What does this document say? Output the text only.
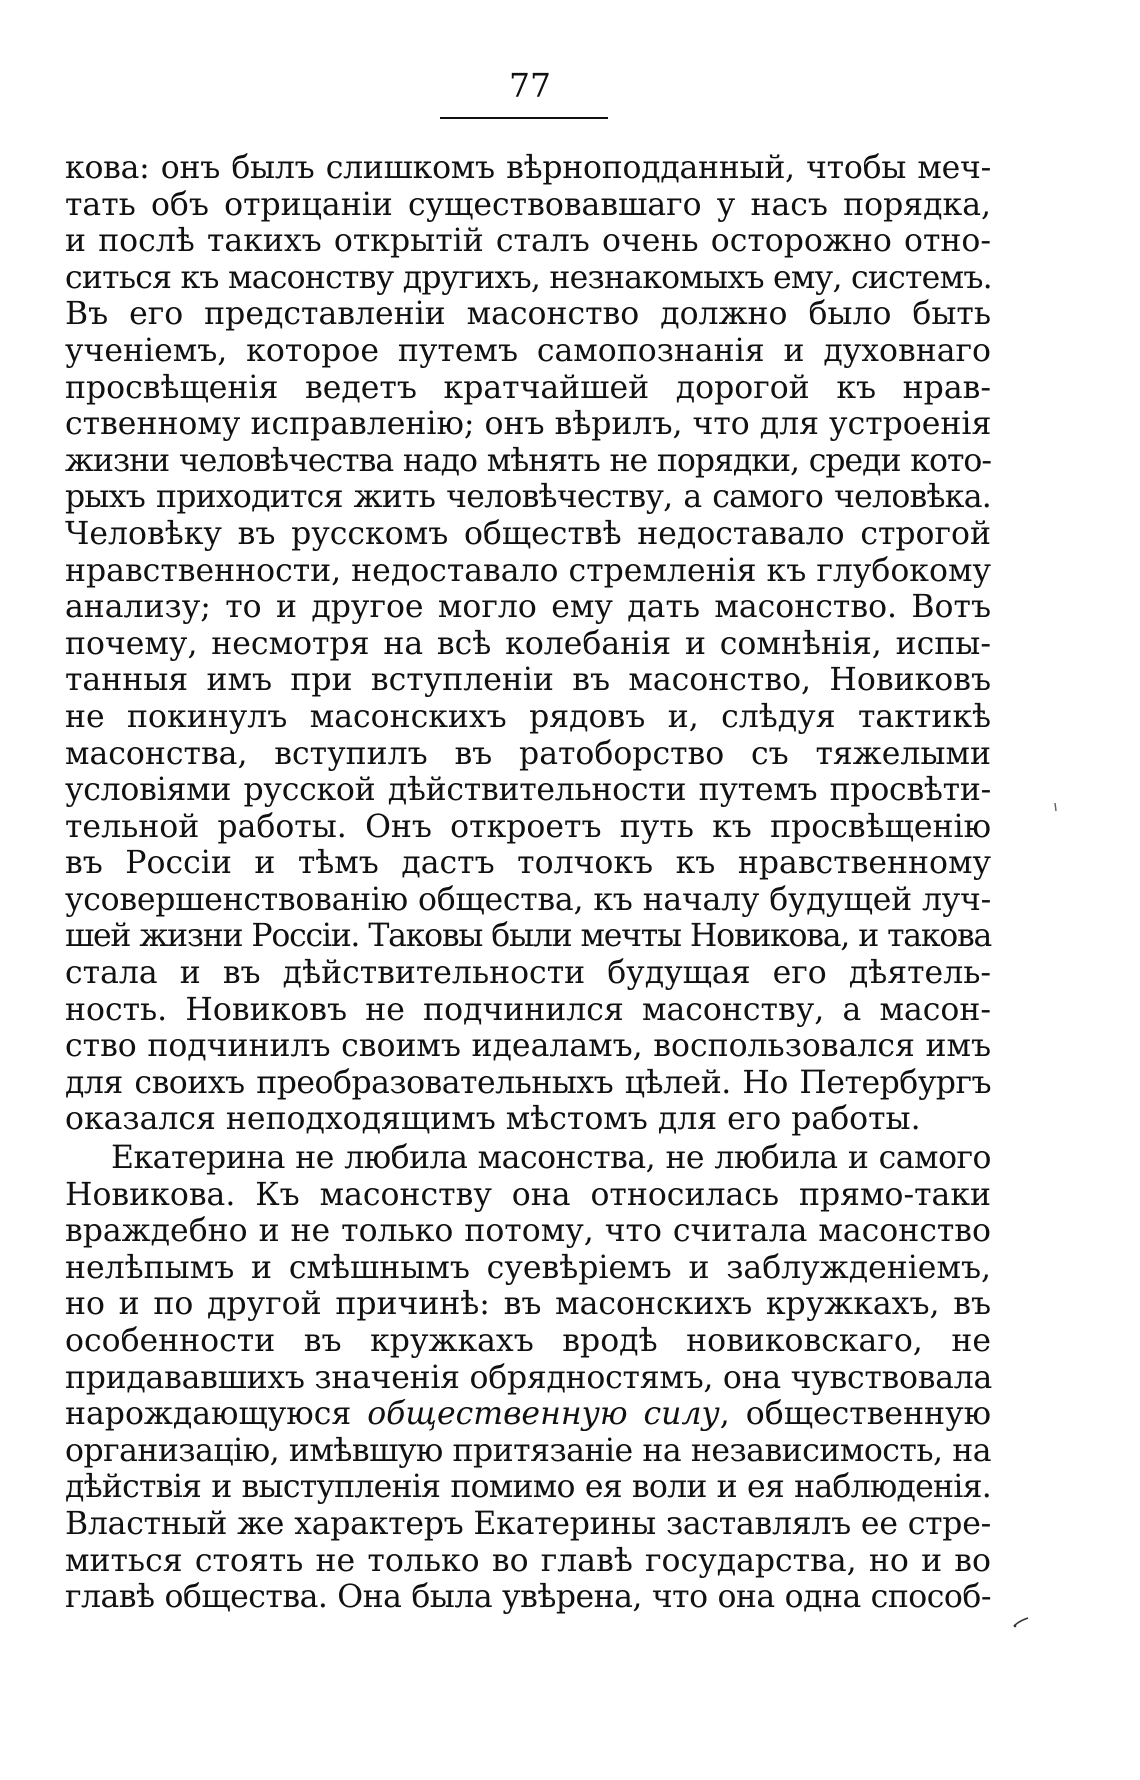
77
кова: онъ былъ слишкомъ вѣрноподданный, чтобы меч-
тать объ отрицаніи существовавшаго у насъ порядка,
и послѣ такихъ открытій сталъ очень осторожно отно-
ситься къ масонству другихъ, незнакомыхъ ему, системъ.
Въ его представленіи масонство должно было быть
ученіемъ, которое путемъ самопознанія и духовнаго
просвѣщенія ведетъ кратчайшей дорогой къ нрав-
ственному исправленію; онъ вѣрилъ, что для устроенія
жизни человѣчества надо мѣнять не порядки, среди кото-
рыхъ приходится жить человѣчеству, а самого человѣка.
Человѣку въ русскомъ обществѣ недоставало строгой
нравственности, недоставало стремленія къ глубокому
анализу; то и другое могло ему дать масонство. Вотъ
почему, несмотря на всѣ колебанія и сомнѣнія, испы-
танныя имъ при вступленіи въ масонство, Новиковъ
не покинулъ масонскихъ рядовъ и, слѣдуя тактикѣ
масонства, вступилъ въ ратоборство съ тяжелыми
условіями русской дѣйствительности путемъ просвѣти-
тельной работы. Онъ откроетъ путь къ просвѣщенію
въ Россіи и тѣмъ дастъ толчокъ къ нравственному
усовершенствованію общества, къ началу будущей луч-
шей жизни Россіи. Таковы были мечты Новикова, и такова
стала и въ дѣйствительности будущая его дѣятель-
ность. Новиковъ не подчинился масонству, а масон-
ство подчинилъ своимъ идеаламъ, воспользовался имъ
для своихъ преобразовательныхъ цѣлей. Но Петербургъ
оказался неподходящимъ мѣстомъ для его работы.
Екатерина не любила масонства, не любила и самого
Новикова. Къ масонству она относилась прямо-таки
враждебно и не только потому, что считала масонство
нелѣпымъ и смѣшнымъ суевѣріемъ и заблужденіемъ,
но и по другой причинѣ: въ масонскихъ кружкахъ, въ
особенности въ кружкахъ вродѣ новиковскаго, не
придававшихъ значенія обрядностямъ, она чувствовала
нарождающуюся общественную силу, общественную
организацію, имѣвшую притязаніе на независимость, на
дѣйствія и выступленія помимо ея воли и ея наблюденія.
Властный же характеръ Екатерины заставлялъ ее стре-
миться стоять не только во главѣ государства, но и во
главѣ общества. Она была увѣрена, что она одна способ-
